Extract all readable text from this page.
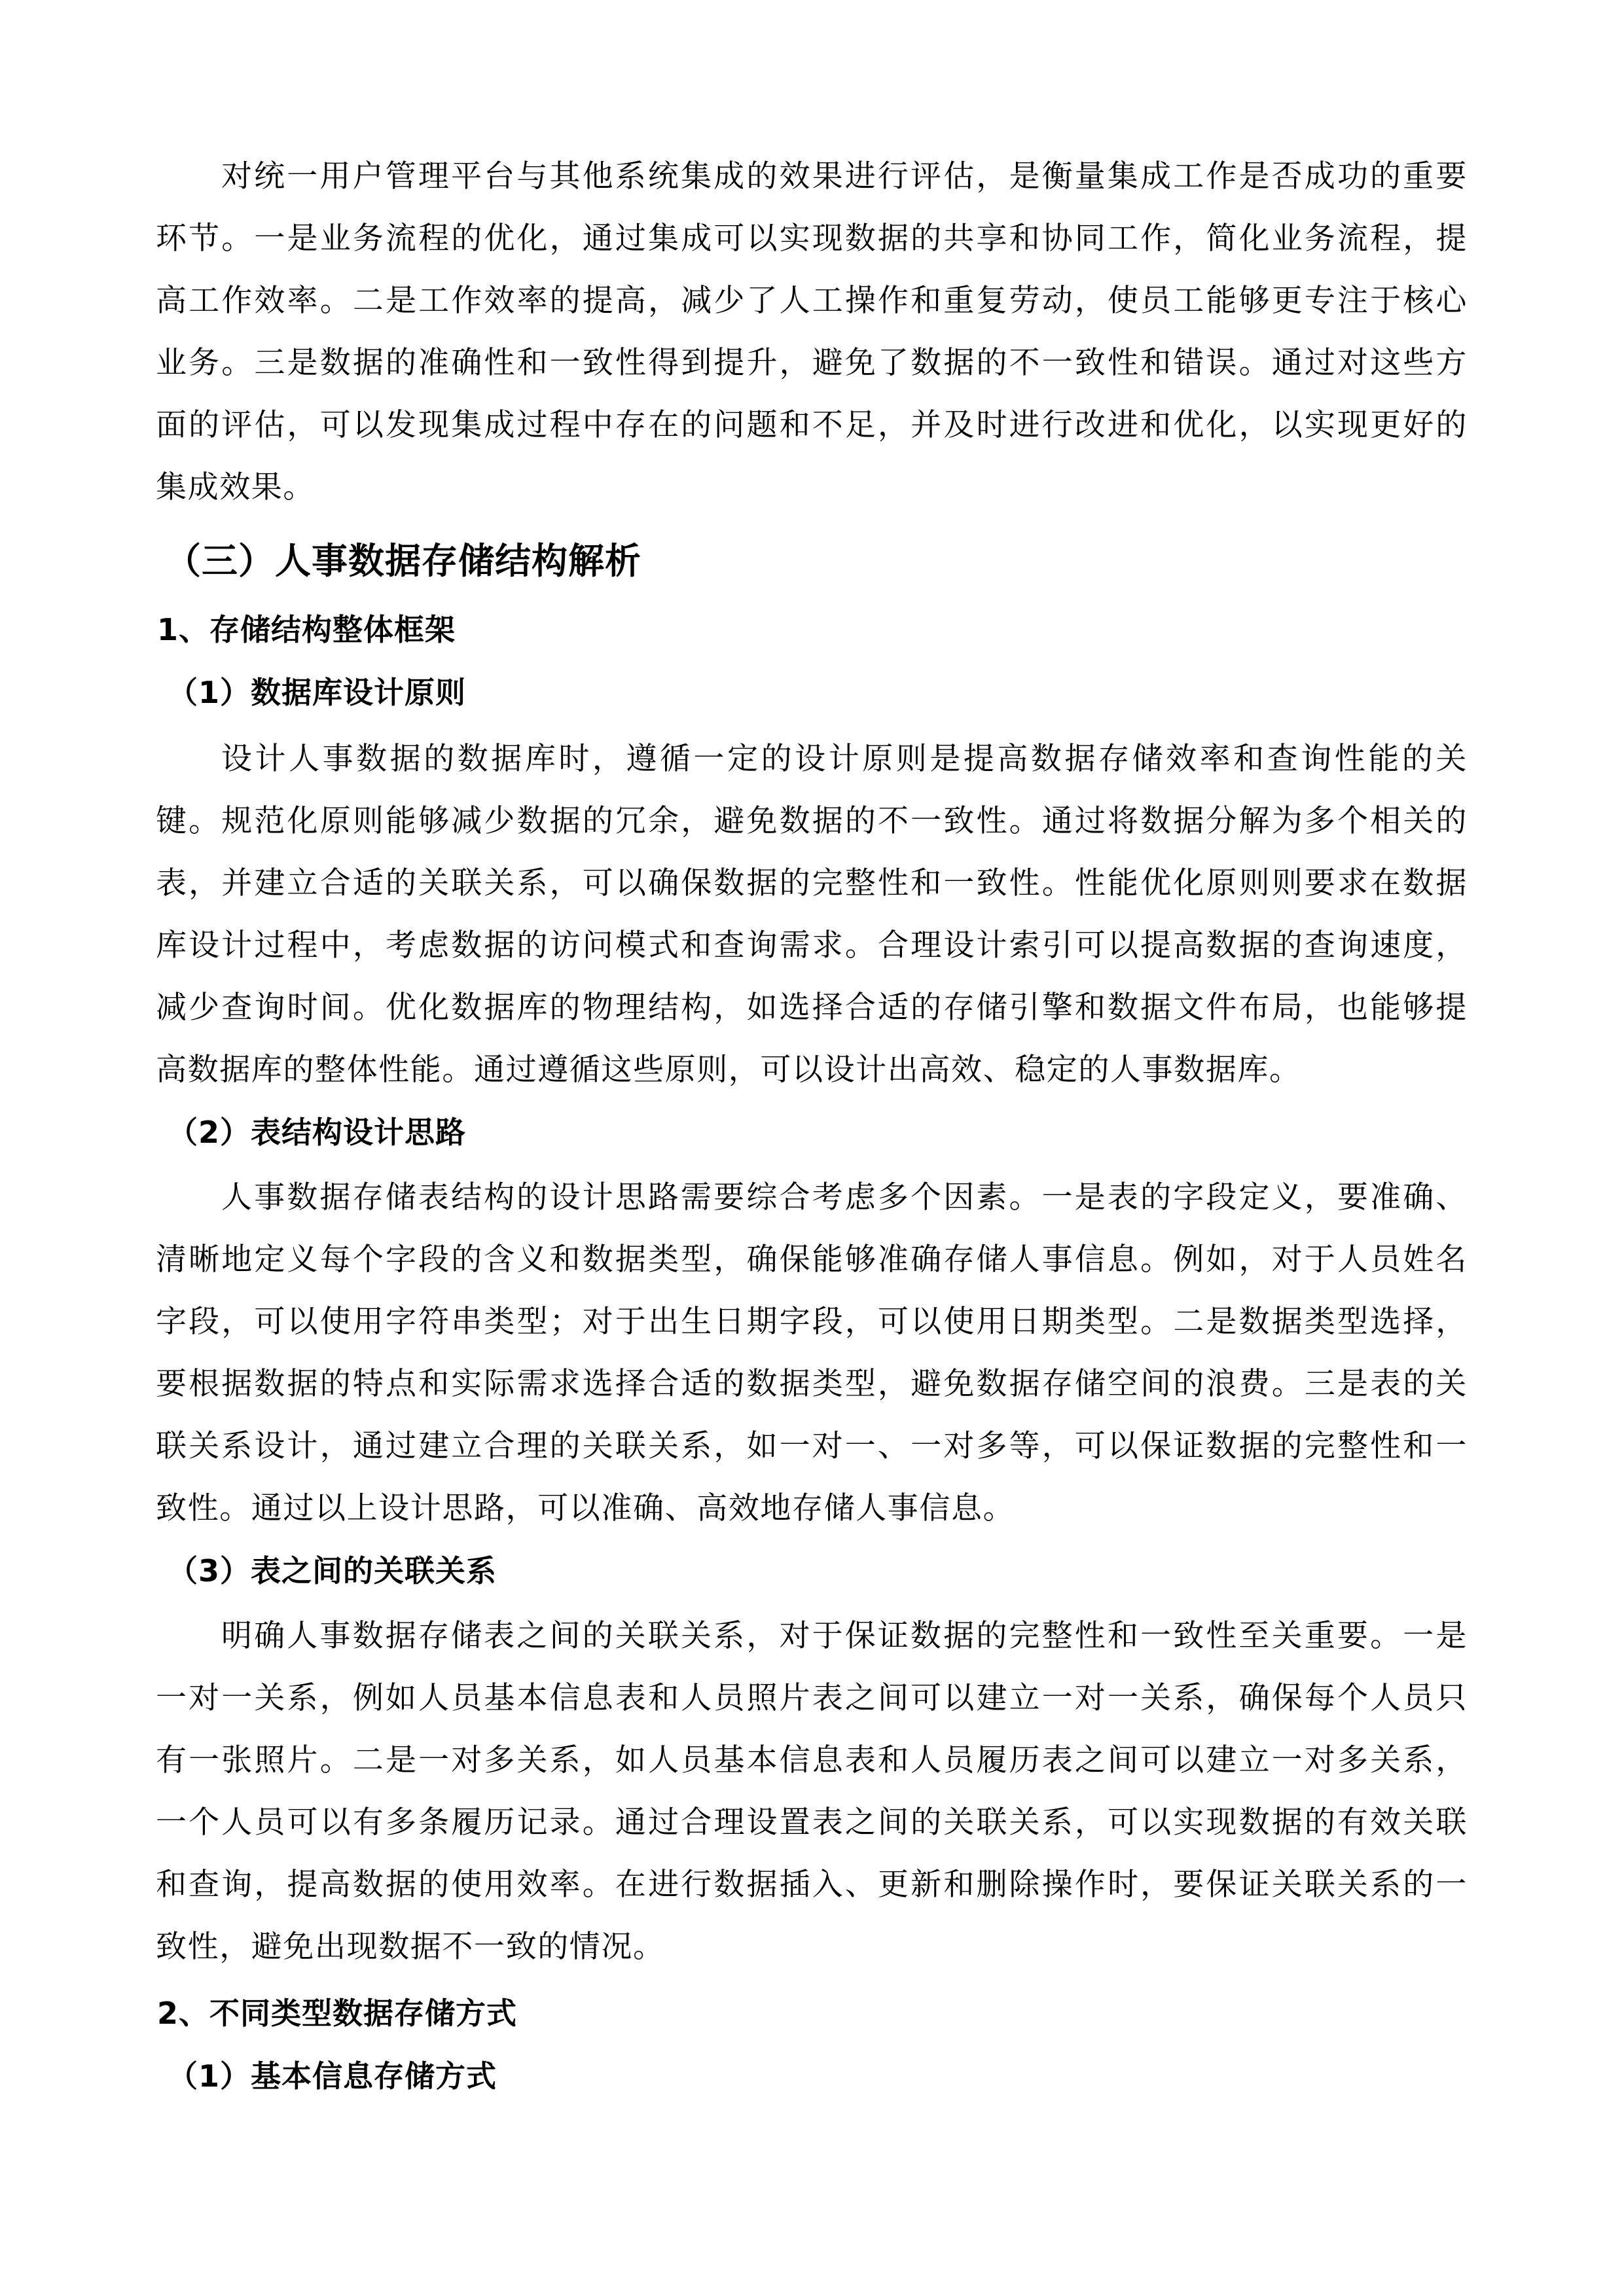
对统一用户管理平台与其他系统集成的效果进行评估，是衡量集成工作是否成功的重要
环节。一是业务流程的优化，通过集成可以实现数据的共享和协同工作，简化业务流程，提
高工作效率。二是工作效率的提高，减少了人工操作和重复劳动，使员工能够更专注于核心
业务。三是数据的准确性和一致性得到提升，避免了数据的不一致性和错误。通过对这些方
面的评估，可以发现集成过程中存在的问题和不足，并及时进行改进和优化，以实现更好的
集成效果。
（三）人事数据存储结构解析
1、存储结构整体框架
（1）数据库设计原则
设计人事数据的数据库时，遵循一定的设计原则是提高数据存储效率和查询性能的关
键。规范化原则能够减少数据的冗余，避免数据的不一致性。通过将数据分解为多个相关的
表，并建立合适的关联关系，可以确保数据的完整性和一致性。性能优化原则则要求在数据
库设计过程中，考虑数据的访问模式和查询需求。合理设计索引可以提高数据的查询速度，
减少查询时间。优化数据库的物理结构，如选择合适的存储引擎和数据文件布局，也能够提
高数据库的整体性能。通过遵循这些原则，可以设计出高效、稳定的人事数据库。
（2）表结构设计思路
人事数据存储表结构的设计思路需要综合考虑多个因素。一是表的字段定义，要准确、
清晰地定义每个字段的含义和数据类型，确保能够准确存储人事信息。例如，对于人员姓名
字段，可以使用字符串类型；对于出生日期字段，可以使用日期类型。二是数据类型选择，
要根据数据的特点和实际需求选择合适的数据类型，避免数据存储空间的浪费。三是表的关
联关系设计，通过建立合理的关联关系，如一对一、一对多等，可以保证数据的完整性和一
致性。通过以上设计思路，可以准确、高效地存储人事信息。
（3）表之间的关联关系
明确人事数据存储表之间的关联关系，对于保证数据的完整性和一致性至关重要。一是
一对一关系，例如人员基本信息表和人员照片表之间可以建立一对一关系，确保每个人员只
有一张照片。二是一对多关系，如人员基本信息表和人员履历表之间可以建立一对多关系，
一个人员可以有多条履历记录。通过合理设置表之间的关联关系，可以实现数据的有效关联
和查询，提高数据的使用效率。在进行数据插入、更新和删除操作时，要保证关联关系的一
致性，避免出现数据不一致的情况。
2、不同类型数据存储方式
（1）基本信息存储方式
